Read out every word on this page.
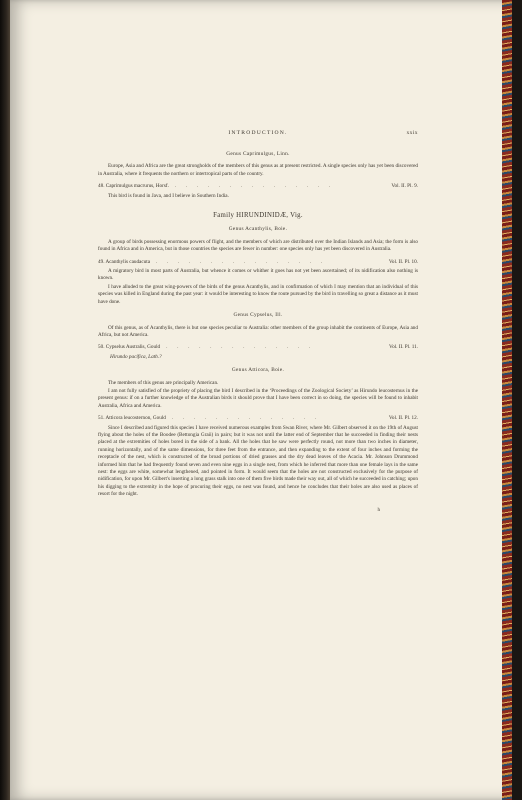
INTRODUCTION.	xxix
Genus Caprimulgus, Linn.

Europe, Asia and Africa are the great strongholds of the members of this genus as at present restricted. A single species only has yet been discovered in Australia, where it frequents the northern or intertropical parts of the country.

48. Caprimulgus macrurus, Horsf. . . . . . . . . . . . . . . .	Vol. II. Pl. 9.

This bird is found in Java, and I believe in Southern India.

Family HIRUNDINIDÆ, Vig.
Genus Acanthylis, Boie.

A group of birds possessing enormous powers of flight, and the members of which are distributed over the Indian Islands and Asia; the form is also found in Africa and in America, but in those countries the species are fewer in number: one species only has yet been discovered in Australia.

49. Acanthylis caudacuta . . . . . . . . . . . . . . . .	Vol. II. Pl. 10.

A migratory bird in most parts of Australia, but whence it comes or whither it goes has not yet been ascertained; of its nidification also nothing is known.

I have alluded to the great wing-powers of the birds of the genus Acanthylis, and in confirmation of which I may mention that an individual of this species was killed in England during the past year: it would be interesting to know the route pursued by the bird in travelling so great a distance as it must have done.

Genus Cypselus, Ill.

Of this genus, as of Acanthylis, there is but one species peculiar to Australia: other members of the group inhabit the continents of Europe, Asia and Africa, but not America.

50. Cypselus Australis, Gould . . . . . . . . . . . . . .	Vol. II. Pl. 11.
Hirundo pacifica, Lath.?
Genus Atticora, Boie.

The members of this genus are principally American.

I am not fully satisfied of the propriety of placing the bird I described in the ‘Proceedings of the Zoological Society’ as Hirundo leucosternus in the present genus: if on a further knowledge of the Australian birds it should prove that I have been correct in so doing, the species will be found to inhabit Australia, Africa and America.

51. Atticora leucosternon, Gould . . . . . . . . . . . . . .	Vol. II. Pl. 12.

Since I described and figured this species I have received numerous examples from Swan River, where Mr. Gilbert observed it on the 19th of August flying about the holes of the Boodee (Bettongia Graii) in pairs; but it was not until the latter end of September that he succeeded in finding their nests placed at the extremities of holes bored in the side of a bank. All the holes that he saw were perfectly round, not more than two inches in diameter, running horizontally, and of the same dimensions, for three feet from the entrance, and then expanding to the extent of four inches and forming the receptacle of the nest, which is constructed of the broad portions of dried grasses and the dry dead leaves of the Acacia. Mr. Johnson Drummond informed him that he had frequently found seven and even nine eggs in a single nest, from which he inferred that more than one female lays in the same nest: the eggs are white, somewhat lengthened, and pointed in form. It would seem that the holes are not constructed exclusively for the purpose of nidification, for upon Mr. Gilbert's inserting a long grass stalk into one of them five birds made their way out, all of which he succeeded in catching; upon his digging to the extremity in the hope of procuring their eggs, no nest was found, and hence he concludes that their holes are also used as places of resort for the night.

h
